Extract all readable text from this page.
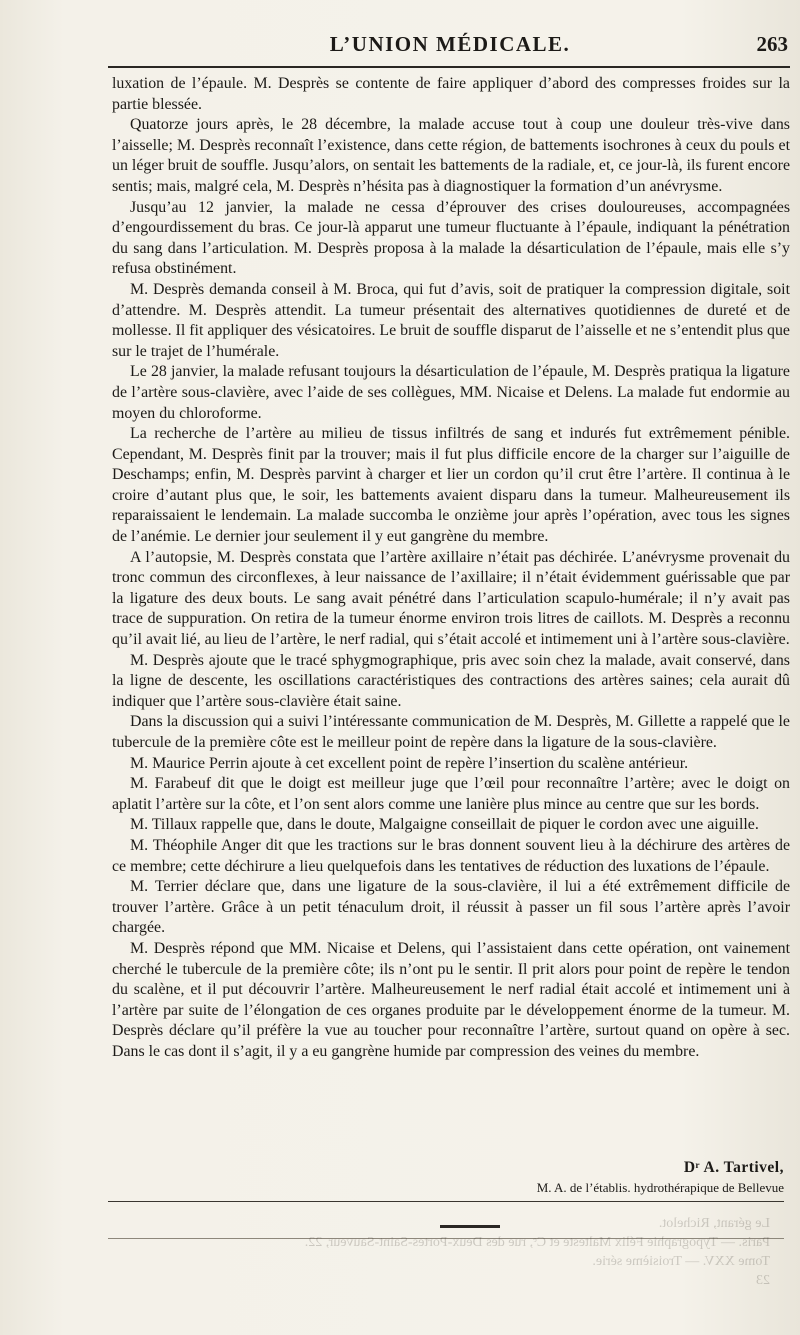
L’UNION MÉDICALE.	263

luxation de l’épaule. M. Desprès se contente de faire appliquer d’abord des compresses froides sur la partie blessée.

Quatorze jours après, le 28 décembre, la malade accuse tout à coup une douleur très-vive dans l’aisselle; M. Desprès reconnaît l’existence, dans cette région, de battements isochrones à ceux du pouls et un léger bruit de souffle. Jusqu’alors, on sentait les battements de la radiale, et, ce jour-là, ils furent encore sentis; mais, malgré cela, M. Desprès n’hésita pas à diagnostiquer la formation d’un anévrysme.

Jusqu’au 12 janvier, la malade ne cessa d’éprouver des crises douloureuses, accompagnées d’engourdissement du bras. Ce jour-là apparut une tumeur fluctuante à l’épaule, indiquant la pénétration du sang dans l’articulation. M. Desprès proposa à la malade la désarticulation de l’épaule, mais elle s’y refusa obstinément.

M. Desprès demanda conseil à M. Broca, qui fut d’avis, soit de pratiquer la compression digitale, soit d’attendre. M. Desprès attendit. La tumeur présentait des alternatives quotidiennes de dureté et de mollesse. Il fit appliquer des vésicatoires. Le bruit de souffle disparut de l’aisselle et ne s’entendit plus que sur le trajet de l’humérale.

Le 28 janvier, la malade refusant toujours la désarticulation de l’épaule, M. Desprès pratiqua la ligature de l’artère sous-clavière, avec l’aide de ses collègues, MM. Nicaise et Delens. La malade fut endormie au moyen du chloroforme.

La recherche de l’artère au milieu de tissus infiltrés de sang et indurés fut extrêmement pénible. Cependant, M. Desprès finit par la trouver; mais il fut plus difficile encore de la charger sur l’aiguille de Deschamps; enfin, M. Desprès parvint à charger et lier un cordon qu’il crut être l’artère. Il continua à le croire d’autant plus que, le soir, les battements avaient disparu dans la tumeur. Malheureusement ils reparaissaient le lendemain. La malade succomba le onzième jour après l’opération, avec tous les signes de l’anémie. Le dernier jour seulement il y eut gangrène du membre.

A l’autopsie, M. Desprès constata que l’artère axillaire n’était pas déchirée. L’anévrysme provenait du tronc commun des circonflexes, à leur naissance de l’axillaire; il n’était évidemment guérissable que par la ligature des deux bouts. Le sang avait pénétré dans l’articulation scapulo-humérale; il n’y avait pas trace de suppuration. On retira de la tumeur énorme environ trois litres de caillots. M. Desprès a reconnu qu’il avait lié, au lieu de l’artère, le nerf radial, qui s’était accolé et intimement uni à l’artère sous-clavière.

M. Desprès ajoute que le tracé sphygmographique, pris avec soin chez la malade, avait conservé, dans la ligne de descente, les oscillations caractéristiques des contractions des artères saines; cela aurait dû indiquer que l’artère sous-clavière était saine.

Dans la discussion qui a suivi l’intéressante communication de M. Desprès, M. Gillette a rappelé que le tubercule de la première côte est le meilleur point de repère dans la ligature de la sous-clavière.

M. Maurice Perrin ajoute à cet excellent point de repère l’insertion du scalène antérieur.

M. Farabeuf dit que le doigt est meilleur juge que l’œil pour reconnaître l’artère; avec le doigt on aplatit l’artère sur la côte, et l’on sent alors comme une lanière plus mince au centre que sur les bords.

M. Tillaux rappelle que, dans le doute, Malgaigne conseillait de piquer le cordon avec une aiguille.

M. Théophile Anger dit que les tractions sur le bras donnent souvent lieu à la déchirure des artères de ce membre; cette déchirure a lieu quelquefois dans les tentatives de réduction des luxations de l’épaule.

M. Terrier déclare que, dans une ligature de la sous-clavière, il lui a été extrêmement difficile de trouver l’artère. Grâce à un petit ténaculum droit, il réussit à passer un fil sous l’artère après l’avoir chargée.

M. Desprès répond que MM. Nicaise et Delens, qui l’assistaient dans cette opération, ont vainement cherché le tubercule de la première côte; ils n’ont pu le sentir. Il prit alors pour point de repère le tendon du scalène, et il put découvrir l’artère. Malheureusement le nerf radial était accolé et intimement uni à l’artère par suite de l’élongation de ces organes produite par le développement énorme de la tumeur. M. Desprès déclare qu’il préfère la vue au toucher pour reconnaître l’artère, surtout quand on opère à sec. Dans le cas dont il s’agit, il y a eu gangrène humide par compression des veines du membre.

Dʳ A. Tartivel,
M. A. de l’établis. hydrothérapique de Bellevue
Le gérant, Richelot.
Paris. — Typographie Félix Malteste et Cᵉ, rue des Deux-Portes-Saint-Sauveur, 22.
Tome XXV. — Troisième série.
23
